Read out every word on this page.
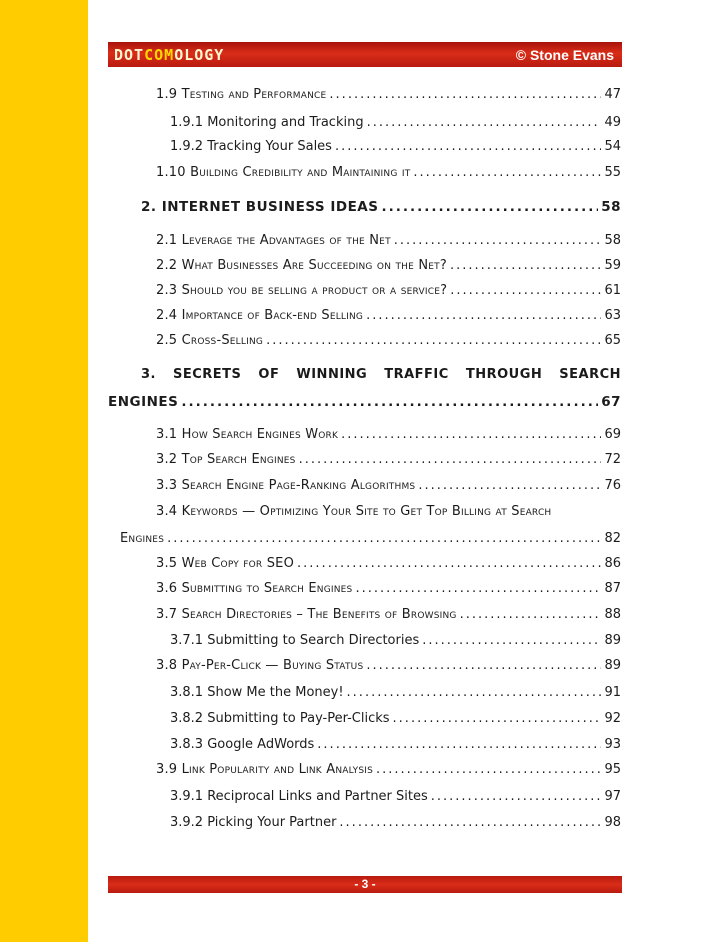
DOTCOMOLOGY	© Stone Evans
1.9 Testing and Performance .....	47
1.9.1 Monitoring and Tracking .....	49
1.9.2 Tracking Your Sales .....	54
1.10 Building Credibility and Maintaining it .....	55
2. INTERNET BUSINESS IDEAS .....	58
2.1 Leverage the Advantages of the Net .....	58
2.2 What Businesses Are Succeeding on the Net? .....	59
2.3 Should you be selling a product or a service? .....	61
2.4 Importance of Back-end Selling .....	63
2.5 Cross-Selling .....	65
3. SECRETS OF WINNING TRAFFIC THROUGH SEARCH
ENGINES .....	67
3.1 How Search Engines Work .....	69
3.2 Top Search Engines .....	72
3.3 Search Engine Page-Ranking Algorithms .....	76
3.4 Keywords — Optimizing Your Site to Get Top Billing at Search
Engines .....	82
3.5 Web Copy for SEO .....	86
3.6 Submitting to Search Engines .....	87
3.7 Search Directories – The Benefits of Browsing .....	88
3.7.1 Submitting to Search Directories .....	89
3.8 Pay-Per-Click — Buying Status .....	89
3.8.1 Show Me the Money! .....	91
3.8.2 Submitting to Pay-Per-Clicks .....	92
3.8.3 Google AdWords .....	93
3.9 Link Popularity and Link Analysis .....	95
3.9.1 Reciprocal Links and Partner Sites .....	97
3.9.2 Picking Your Partner .....	98
- 3 -
